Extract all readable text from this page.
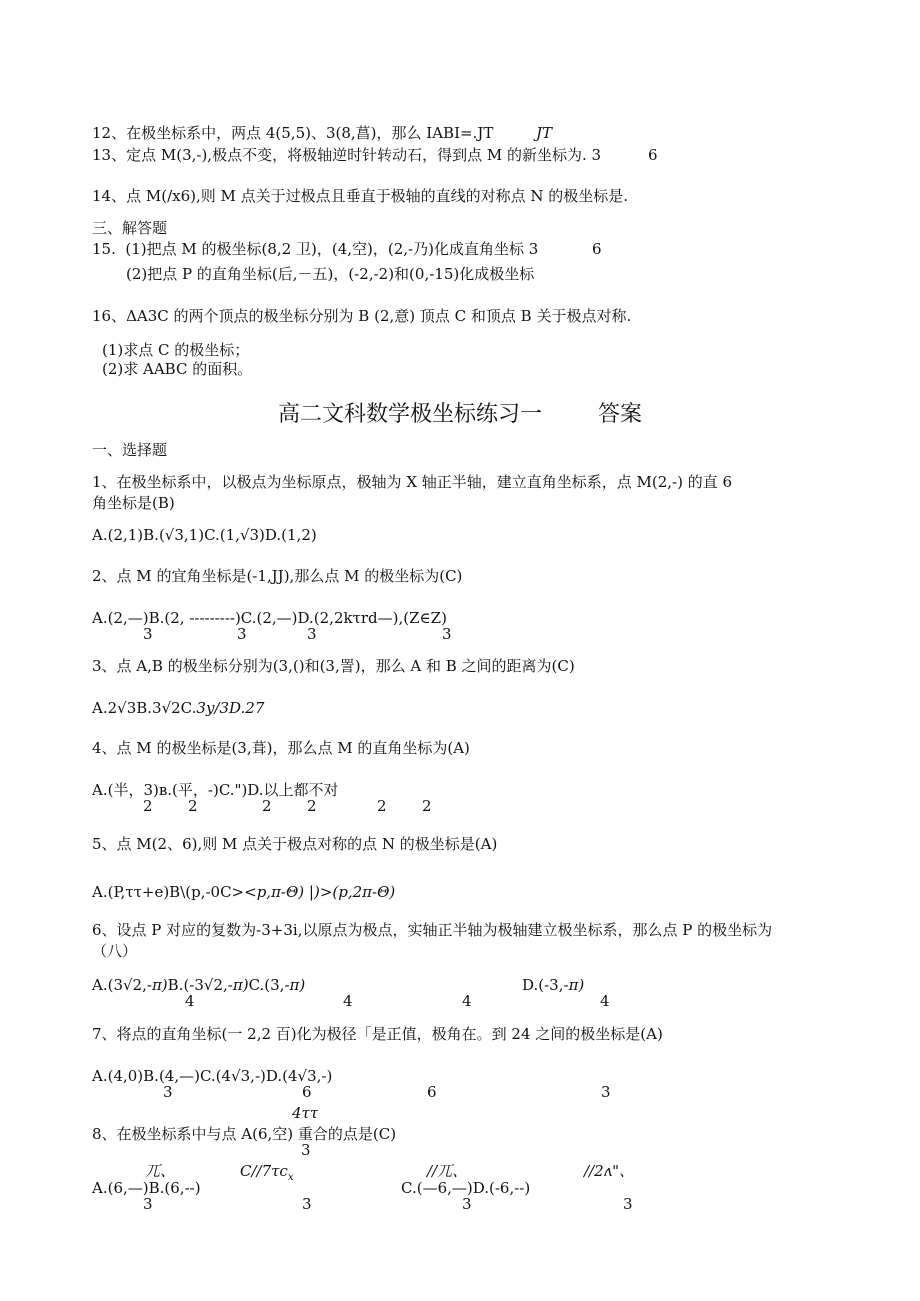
12、在极坐标系中，两点 4(5,5)、3(8,菖)，那么 IABI=.JT	JT
13、定点 M(3,-),极点不变，将极轴逆时针转动石，得到点 M 的新坐标为. 3	6
14、点 M(/x6),则 M 点关于过极点且垂直于极轴的直线的对称点 N 的极坐标是.
三、解答题
15.  (1)把点 M 的极坐标(8,2 卫)，(4,空)，(2,-乃)化成直角坐标 3	6
(2)把点 P 的直角坐标(后,－五)，(-2,-2)和(0,-15)化成极坐标
16、ΔA3C 的两个顶点的极坐标分别为 B (2,意) 顶点 C 和顶点 B 关于极点对称.
(1)求点 C 的极坐标；
(2)求 AABC 的面积。
高二文科数学极坐标练习一        答案
一、选择题
1、在极坐标系中，以极点为坐标原点，极轴为 X 轴正半轴，建立直角坐标系，点 M(2,-) 的直 6
角坐标是(B)
A.(2,1)B.(√3,1)C.(1,√3)D.(1,2)
2、点 M 的宜角坐标是(-1,JJ),那么点 M 的极坐标为(C)
A.(2,—)B.(2, ---------)C.(2,—)D.(2,2kτrd—),(Z∈Z)
3	3	3	3
3、点 A,B 的极坐标分别为(3,()和(3,詈)，那么 A 和 B 之间的距离为(C)
A.2√3B.3√2C.3y/3D.27
4、点 M 的极坐标是(3,葺)，那么点 M 的直角坐标为(A)
A.(半，3)в.(平，-)C.")D.以上都不对
2 2	2 2	2 2
5、点 M(2、6),则 M 点关于极点对称的点 N 的极坐标是(A)
A.(P,ττ+e)B\(p,-0C><p,π-Θ) |)>(p,2π-Θ)
6、设点 P 对应的复数为-3+3i,以原点为极点，实轴正半轴为极轴建立极坐标系，那么点 P 的极坐标为
（八）
A.(3√2,-π)B.(-3√2,-π)C.(3,-π)	D.(-3,-π)
4	4	4	4
7、将点的直角坐标(一 2,2 百)化为极径「是正值，极角在。到 24 之间的极坐标是(A)
A.(4,0)B.(4,—)C.(4√3,-)D.(4√3,-)
3	6	6	3
4ττ
8、在极坐标系中与点 A(6,空) 重合的点是(C)
3
兀、	$C//7\tau c_x$	//兀、	//2ʌ"、
A.(6,—)B.(6,--)	C.(—6,—)D.(-6,--)
3	3	3	3
